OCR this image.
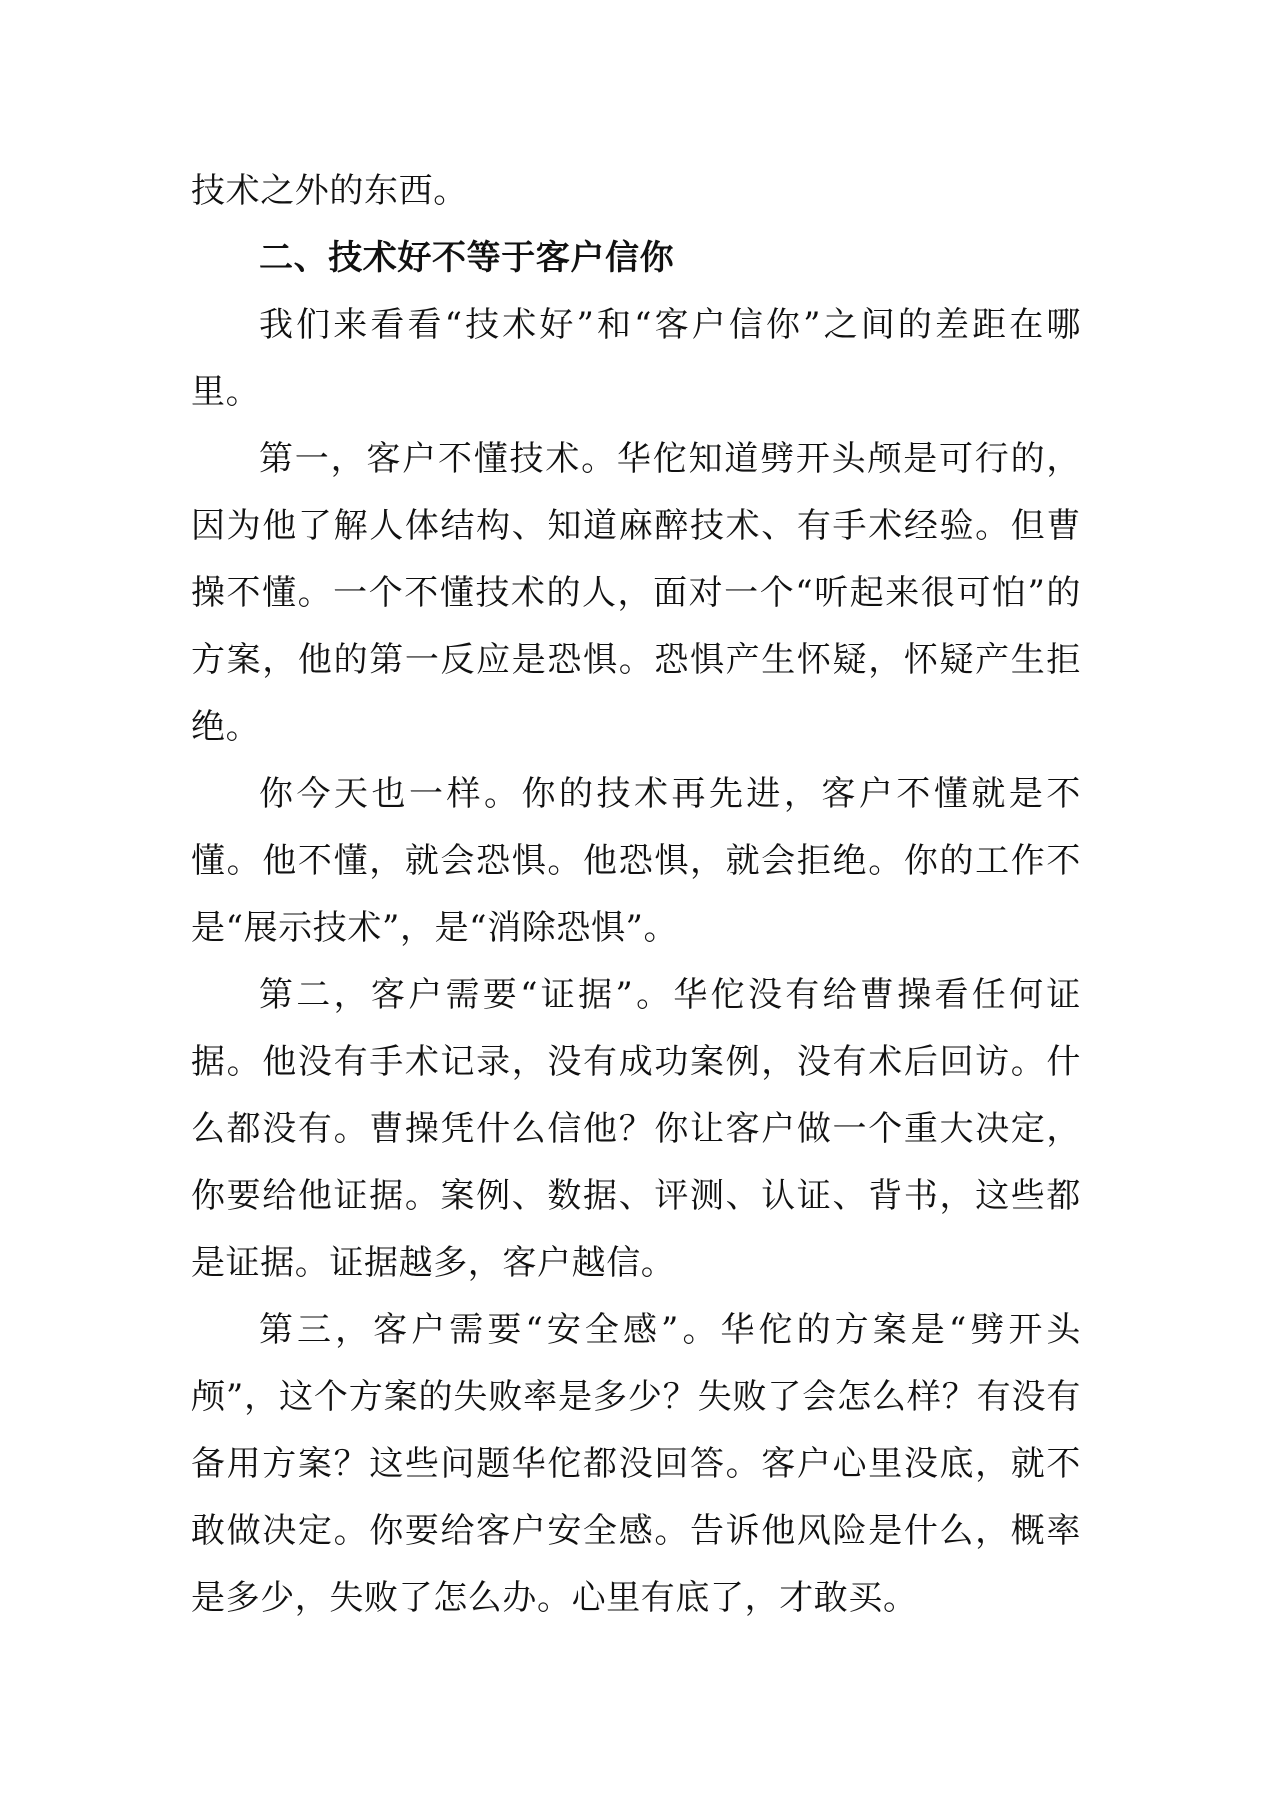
技术之外的东西。

二、技术好不等于客户信你

我们来看看“技术好”和“客户信你”之间的差距在哪里。

第一，客户不懂技术。华佗知道劈开头颅是可行的，因为他了解人体结构、知道麻醉技术、有手术经验。但曹操不懂。一个不懂技术的人，面对一个“听起来很可怕”的方案，他的第一反应是恐惧。恐惧产生怀疑，怀疑产生拒绝。

你今天也一样。你的技术再先进，客户不懂就是不懂。他不懂，就会恐惧。他恐惧，就会拒绝。你的工作不是“展示技术”，是“消除恐惧”。

第二，客户需要“证据”。华佗没有给曹操看任何证据。他没有手术记录，没有成功案例，没有术后回访。什么都没有。曹操凭什么信他？你让客户做一个重大决定，你要给他证据。案例、数据、评测、认证、背书，这些都是证据。证据越多，客户越信。

第三，客户需要“安全感”。华佗的方案是“劈开头颅”，这个方案的失败率是多少？失败了会怎么样？有没有备用方案？这些问题华佗都没回答。客户心里没底，就不敢做决定。你要给客户安全感。告诉他风险是什么，概率是多少，失败了怎么办。心里有底了，才敢买。
